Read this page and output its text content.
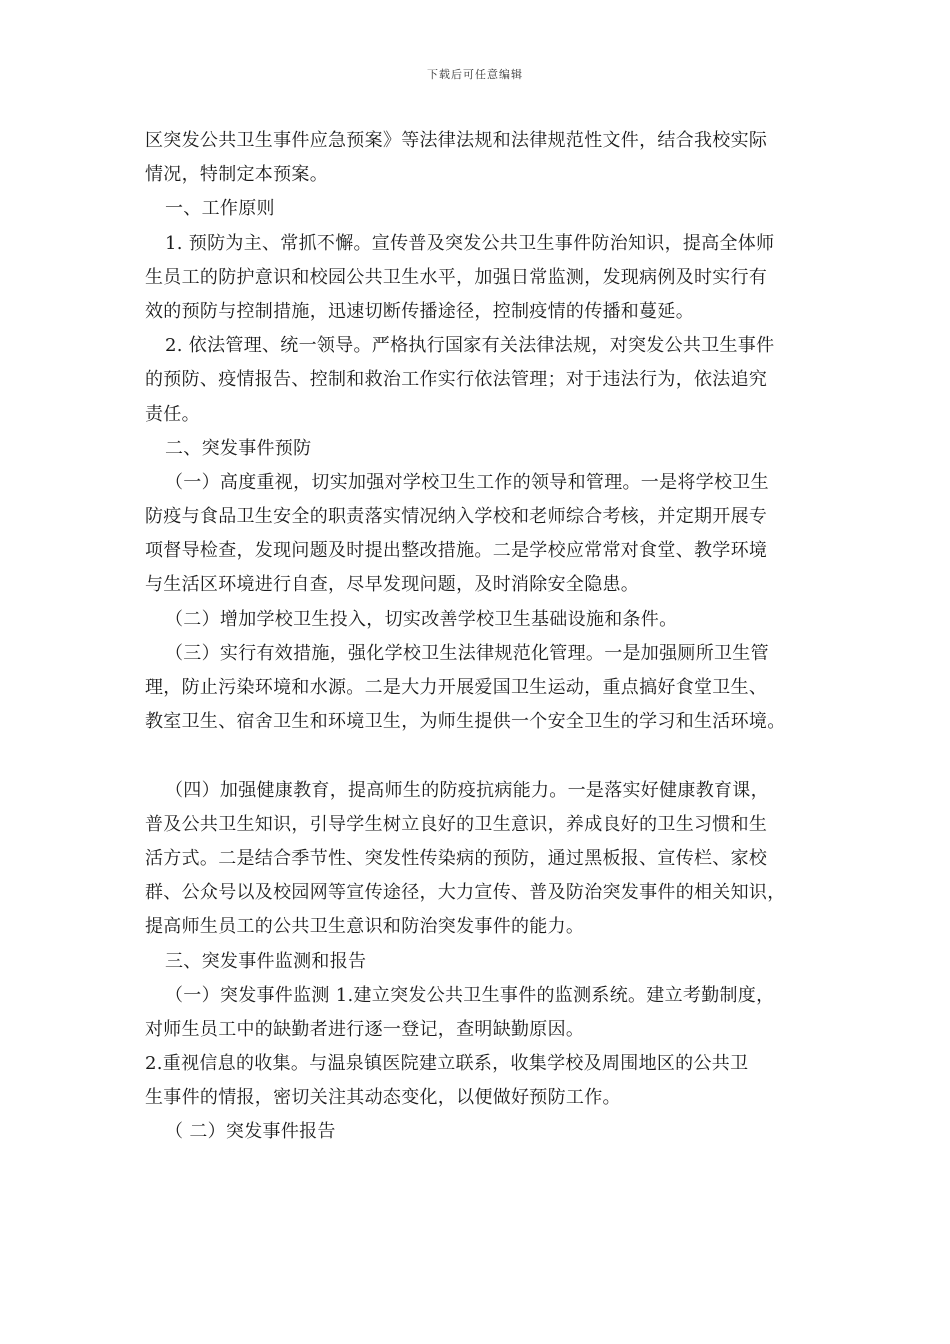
下载后可任意编辑
区突发公共卫生事件应急预案》等法律法规和法律规范性文件，结合我校实际
情况，特制定本预案。
一、工作原则
1. 预防为主、常抓不懈。宣传普及突发公共卫生事件防治知识，提高全体师
生员工的防护意识和校园公共卫生水平，加强日常监测，发现病例及时实行有
效的预防与控制措施，迅速切断传播途径，控制疫情的传播和蔓延。
2. 依法管理、统一领导。严格执行国家有关法律法规，对突发公共卫生事件
的预防、疫情报告、控制和救治工作实行依法管理；对于违法行为，依法追究
责任。
二、突发事件预防
（一）高度重视，切实加强对学校卫生工作的领导和管理。一是将学校卫生
防疫与食品卫生安全的职责落实情况纳入学校和老师综合考核，并定期开展专
项督导检查，发现问题及时提出整改措施。二是学校应常常对食堂、教学环境
与生活区环境进行自查，尽早发现问题，及时消除安全隐患。
（二）增加学校卫生投入，切实改善学校卫生基础设施和条件。
（三）实行有效措施，强化学校卫生法律规范化管理。一是加强厕所卫生管
理，防止污染环境和水源。二是大力开展爱国卫生运动，重点搞好食堂卫生、
教室卫生、宿舍卫生和环境卫生，为师生提供一个安全卫生的学习和生活环境。
（四）加强健康教育，提高师生的防疫抗病能力。一是落实好健康教育课，
普及公共卫生知识，引导学生树立良好的卫生意识，养成良好的卫生习惯和生
活方式。二是结合季节性、突发性传染病的预防，通过黑板报、宣传栏、家校
群、公众号以及校园网等宣传途径，大力宣传、普及防治突发事件的相关知识，
提高师生员工的公共卫生意识和防治突发事件的能力。
三、突发事件监测和报告
（一）突发事件监测 1.建立突发公共卫生事件的监测系统。建立考勤制度，
对师生员工中的缺勤者进行逐一登记，查明缺勤原因。
2.重视信息的收集。与温泉镇医院建立联系，收集学校及周围地区的公共卫
生事件的情报，密切关注其动态变化，以便做好预防工作。
（ 二）突发事件报告
